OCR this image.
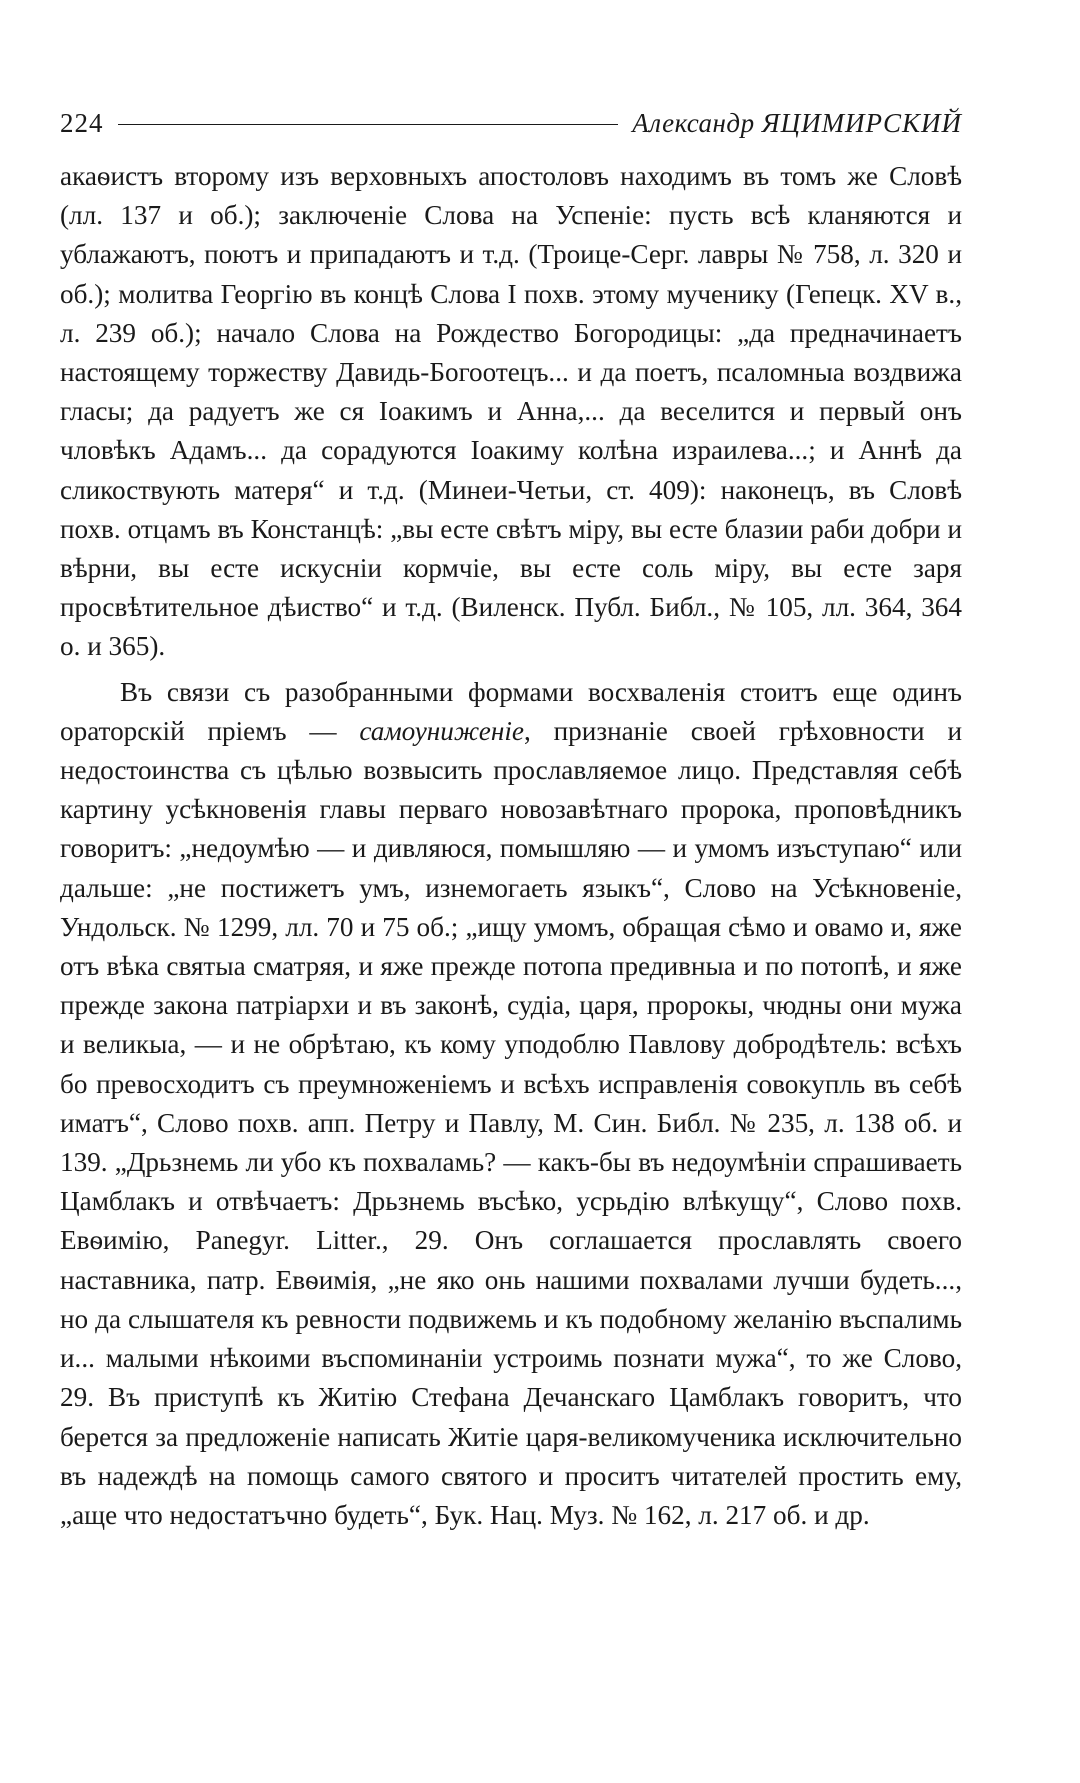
224	Александр ЯЦИМИРСКИЙ

акаѳистъ второму изъ верховныхъ апостоловъ находимъ въ томъ же Словѣ (лл. 137 и об.); заключеніе Слова на Успеніе: пусть всѣ кланяются и ублажаютъ, поютъ и припадаютъ и т.д. (Троице-Серг. лавры № 758, л. 320 и об.); молитва Георгію въ концѣ Слова І похв. этому мученику (Гепецк. XV в., л. 239 об.); начало Слова на Рождество Богородицы: „да предначинаетъ настоящему торжеству Давидь-Богоотецъ... и да поетъ, псаломныа воздвижа гласы; да радуетъ же ся Іоакимъ и Анна,... да веселится и первый онъ чловѣкъ Адамъ... да сорадуются Іоакиму колѣна израилева...; и Аннѣ да сликоствують матеря“ и т.д. (Минеи-Четьи, ст. 409): наконецъ, въ Словѣ похв. отцамъ въ Констанцѣ: „вы есте свѣтъ міру, вы есте блазии раби добри и вѣрни, вы есте искусніи кормчіе, вы есте соль міру, вы есте заря просвѣтительное дѣиство“ и т.д. (Виленск. Публ. Библ., № 105, лл. 364, 364 о. и 365).

Въ связи съ разобранными формами восхваленія стоитъ еще одинъ ораторскій пріемъ — самоуниженіе, признаніе своей грѣховности и недостоинства съ цѣлью возвысить прославляемое лицо. Представляя себѣ картину усѣкновенія главы перваго новозавѣтнаго пророка, проповѣдникъ говоритъ: „недоумѣю — и дивляюся, помышляю — и умомъ изъступаю“ или дальше: „не постижетъ умъ, изнемогаеть языкъ“, Слово на Усѣкновеніе, Ундольск. № 1299, лл. 70 и 75 об.; „ищу умомъ, обращая сѣмо и овамо и, яже отъ вѣка святыа сматряя, и яже прежде потопа предивныа и по потопѣ, и яже прежде закона патріархи и въ законѣ, судіа, царя, пророкы, чюдны они мужа и великыа, — и не обрѣтаю, къ кому уподоблю Павлову добродѣтель: всѣхъ бо превосходитъ съ преумноженіемъ и всѣхъ исправленія совокупль въ себѣ иматъ“, Слово похв. апп. Петру и Павлу, М. Син. Библ. № 235, л. 138 об. и 139. „Дрьзнемь ли убо къ похваламь? — какъ-бы въ недоумѣніи спрашиваеть Цамблакъ и отвѣчаетъ: Дрьзнемь въсѣко, усрьдію влѣкущу“, Слово похв. Евѳимію, Panegyr. Litter., 29. Онъ соглашается прославлять своего наставника, патр. Евѳимія, „не яко онь нашими похвалами лучши будеть..., но да слышателя къ ревности подвижемь и къ подобному желанію въспалимь и... малыми нѣкоими въспоминаніи устроимь познати мужа“, то же Слово, 29. Въ приступѣ къ Житію Стефана Дечанскаго Цамблакъ говоритъ, что берется за предложеніе написать Житіе царя-великомученика исключительно въ надеждѣ на помощь самого святого и проситъ читателей простить ему, „аще что недостатъчно будеть“, Бук. Нац. Муз. № 162, л. 217 об. и др.
